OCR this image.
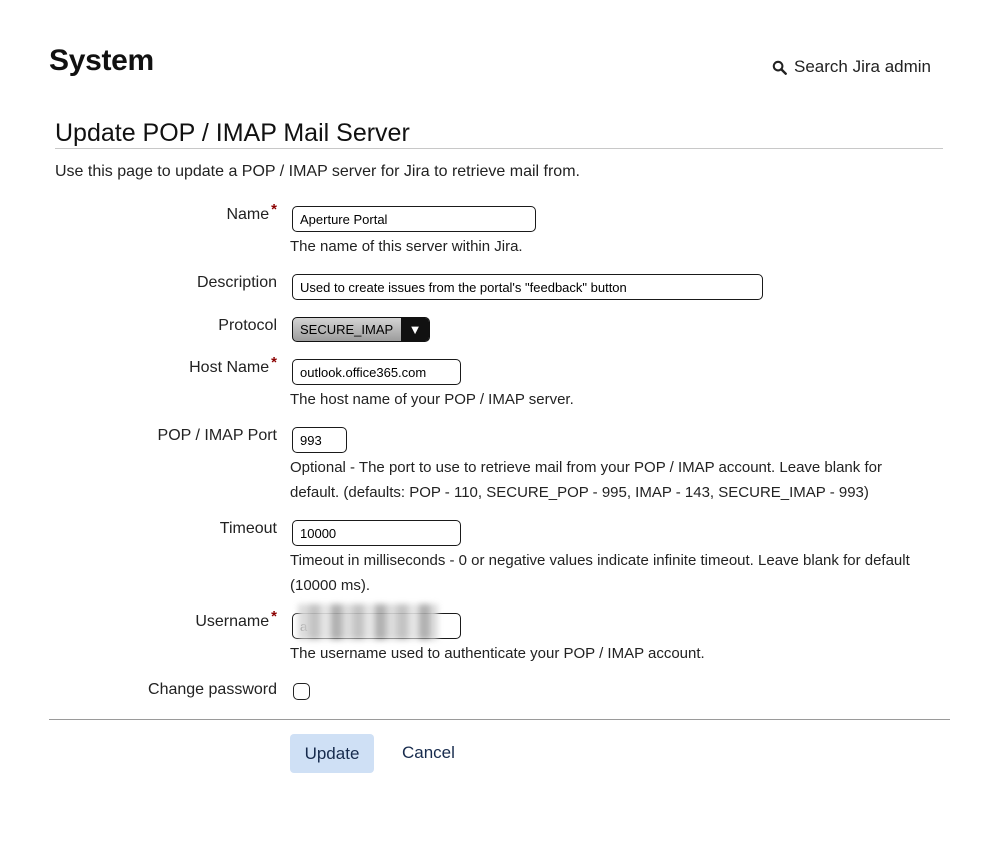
System	Search Jira admin
Update POP / IMAP Mail Server

Use this page to update a POP / IMAP server for Jira to retrieve mail from.

Name *
Aperture Portal

The name of this server within Jira.

Description
Used to create issues from the portal's "feedback" button
Protocol	SECURE_IMAP	▼
Host Name *
outlook.office365.com

The host name of your POP / IMAP server.

POP / IMAP Port
993

Optional - The port to use to retrieve mail from your POP / IMAP account. Leave blank for default. (defaults: POP - 110, SECURE_POP - 995, IMAP - 143, SECURE_IMAP - 993)

Timeout
10000

Timeout in milliseconds - 0 or negative values indicate infinite timeout. Leave blank for default (10000 ms).

Username *
a

The username used to authenticate your POP / IMAP account.

Change password
Update	Cancel
